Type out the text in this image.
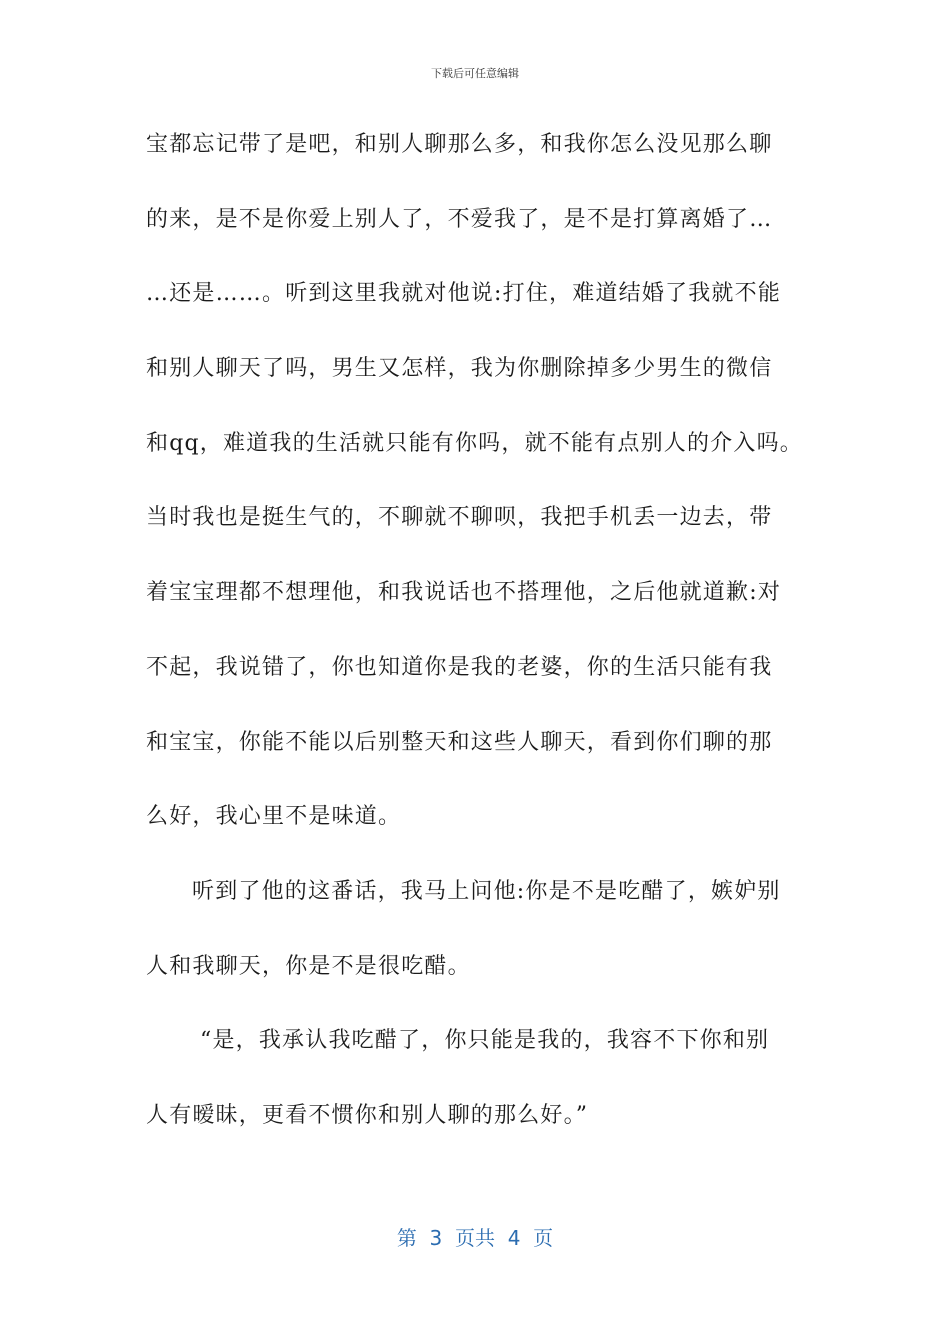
下载后可任意编辑
宝都忘记带了是吧，和别人聊那么多，和我你怎么没见那么聊
的来，是不是你爱上别人了，不爱我了，是不是打算离婚了…
…还是……。听到这里我就对他说:打住，难道结婚了我就不能
和别人聊天了吗，男生又怎样，我为你删除掉多少男生的微信
和qq，难道我的生活就只能有你吗，就不能有点别人的介入吗。
当时我也是挺生气的，不聊就不聊呗，我把手机丢一边去，带
着宝宝理都不想理他，和我说话也不搭理他，之后他就道歉:对
不起，我说错了，你也知道你是我的老婆，你的生活只能有我
和宝宝，你能不能以后别整天和这些人聊天，看到你们聊的那
么好，我心里不是味道。
听到了他的这番话，我马上问他:你是不是吃醋了，嫉妒别
人和我聊天，你是不是很吃醋。
“是，我承认我吃醋了，你只能是我的，我容不下你和别
人有暧昧，更看不惯你和别人聊的那么好。”
第  3  页共  4  页
